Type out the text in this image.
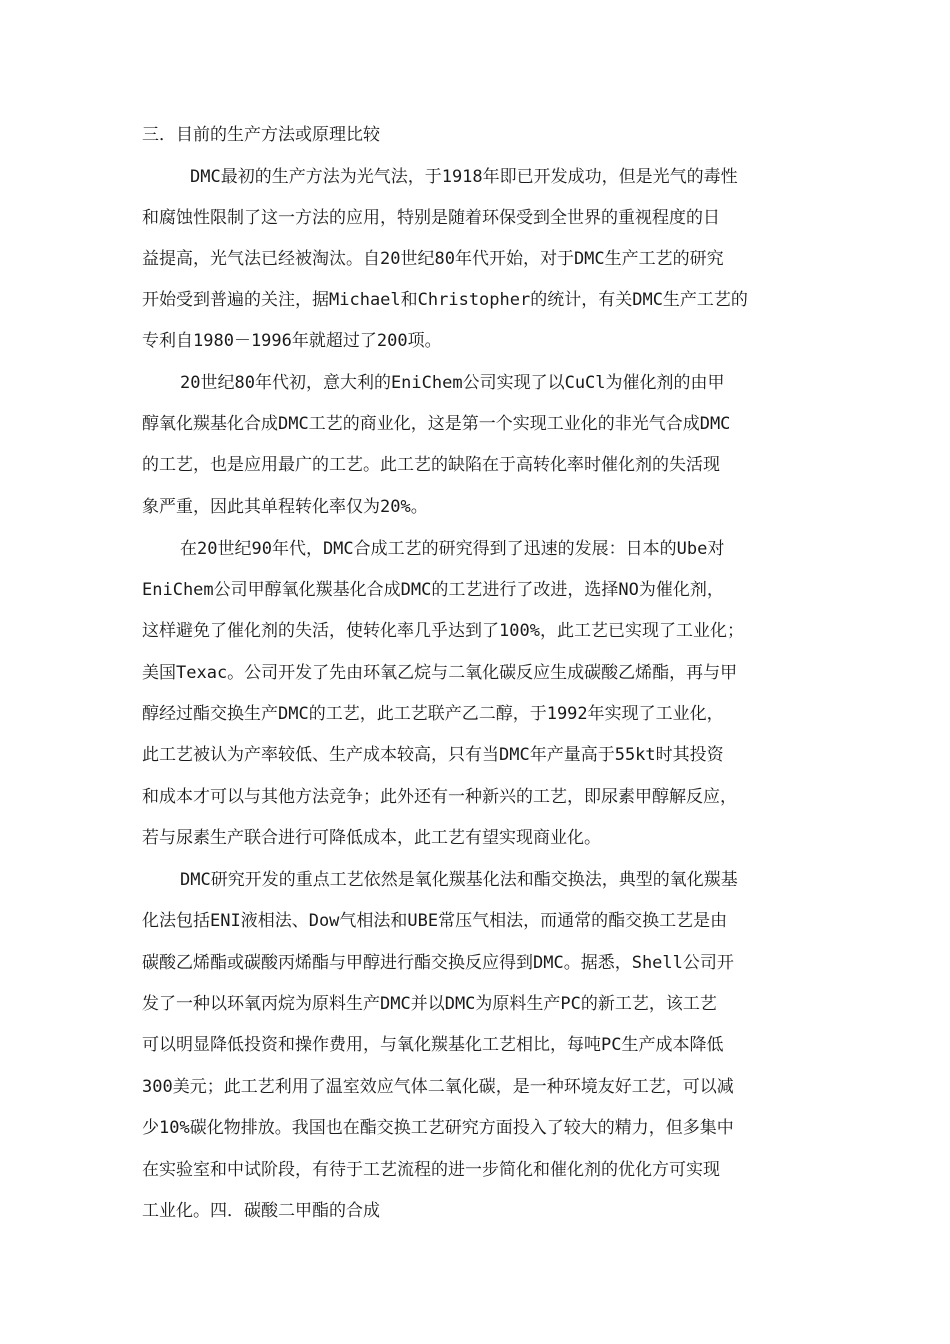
三．目前的生产方法或原理比较

DMC最初的生产方法为光气法，于1918年即已开发成功，但是光气的毒性

和腐蚀性限制了这一方法的应用，特别是随着环保受到全世界的重视程度的日

益提高，光气法已经被淘汰。自20世纪80年代开始，对于DMC生产工艺的研究

开始受到普遍的关注，据Michael和Christopher的统计，有关DMC生产工艺的

专利自1980－1996年就超过了200项。

20世纪80年代初，意大利的EniChem公司实现了以CuCl为催化剂的由甲

醇氧化羰基化合成DMC工艺的商业化，这是第一个实现工业化的非光气合成DMC

的工艺，也是应用最广的工艺。此工艺的缺陷在于高转化率时催化剂的失活现

象严重，因此其单程转化率仅为20%。

在20世纪90年代，DMC合成工艺的研究得到了迅速的发展：日本的Ube对

EniChem公司甲醇氧化羰基化合成DMC的工艺进行了改进，选择NO为催化剂，

这样避免了催化剂的失活，使转化率几乎达到了100%，此工艺已实现了工业化；

美国Texac。公司开发了先由环氧乙烷与二氧化碳反应生成碳酸乙烯酯，再与甲

醇经过酯交换生产DMC的工艺，此工艺联产乙二醇，于1992年实现了工业化，

此工艺被认为产率较低、生产成本较高，只有当DMC年产量高于55kt时其投资

和成本才可以与其他方法竞争；此外还有一种新兴的工艺，即尿素甲醇解反应，

若与尿素生产联合进行可降低成本，此工艺有望实现商业化。

DMC研究开发的重点工艺依然是氧化羰基化法和酯交换法，典型的氧化羰基

化法包括ENI液相法、Dow气相法和UBE常压气相法，而通常的酯交换工艺是由

碳酸乙烯酯或碳酸丙烯酯与甲醇进行酯交换反应得到DMC。据悉，Shell公司开

发了一种以环氧丙烷为原料生产DMC并以DMC为原料生产PC的新工艺，该工艺

可以明显降低投资和操作费用，与氧化羰基化工艺相比，每吨PC生产成本降低

300美元；此工艺利用了温室效应气体二氧化碳，是一种环境友好工艺，可以减

少10%碳化物排放。我国也在酯交换工艺研究方面投入了较大的精力，但多集中

在实验室和中试阶段，有待于工艺流程的进一步简化和催化剂的优化方可实现

工业化。四．碳酸二甲酯的合成
